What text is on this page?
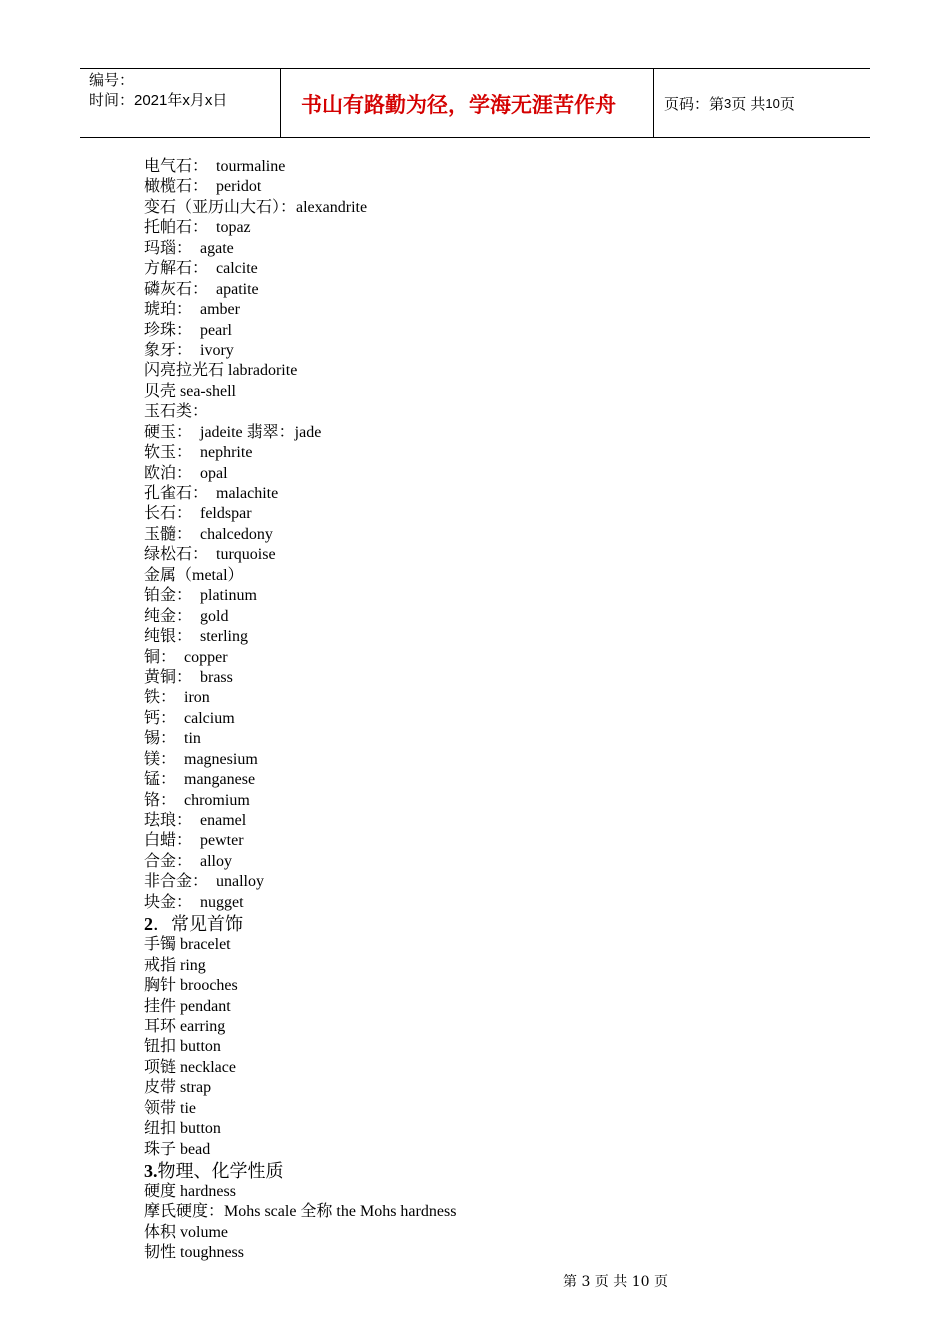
编号：
时间：2021年x月x日	书山有路勤为径，学海无涯苦作舟	页码：第 3 页 共 10 页
电气石：  tourmaline
橄榄石：  peridot
变石（亚历山大石）：alexandrite
托帕石：  topaz
玛瑙：  agate
方解石：  calcite
磷灰石：  apatite
琥珀：  amber
珍珠：  pearl
象牙：  ivory
闪亮拉光石 labradorite
贝壳 sea-shell
玉石类：
硬玉：  jadeite 翡翠：jade
软玉：  nephrite
欧泊：  opal
孔雀石：  malachite
长石：  feldspar
玉髓：  chalcedony
绿松石：  turquoise
金属（metal）
铂金：  platinum
纯金：  gold
纯银：  sterling
铜：  copper
黄铜：  brass
铁：  iron
钙：  calcium
锡：  tin
镁：  magnesium
锰：  manganese
铬：  chromium
珐琅：  enamel
白蜡：  pewter
合金：  alloy
非合金：  unalloy
块金：  nugget
2．常见首饰
手镯 bracelet
戒指 ring
胸针 brooches
挂件 pendant
耳环 earring
钮扣 button
项链 necklace
皮带 strap
领带 tie
纽扣 button
珠子 bead
3.物理、化学性质
硬度 hardness
摩氏硬度：Mohs scale 全称 the Mohs hardness
体积 volume
韧性 toughness
第 3 页 共 10 页
